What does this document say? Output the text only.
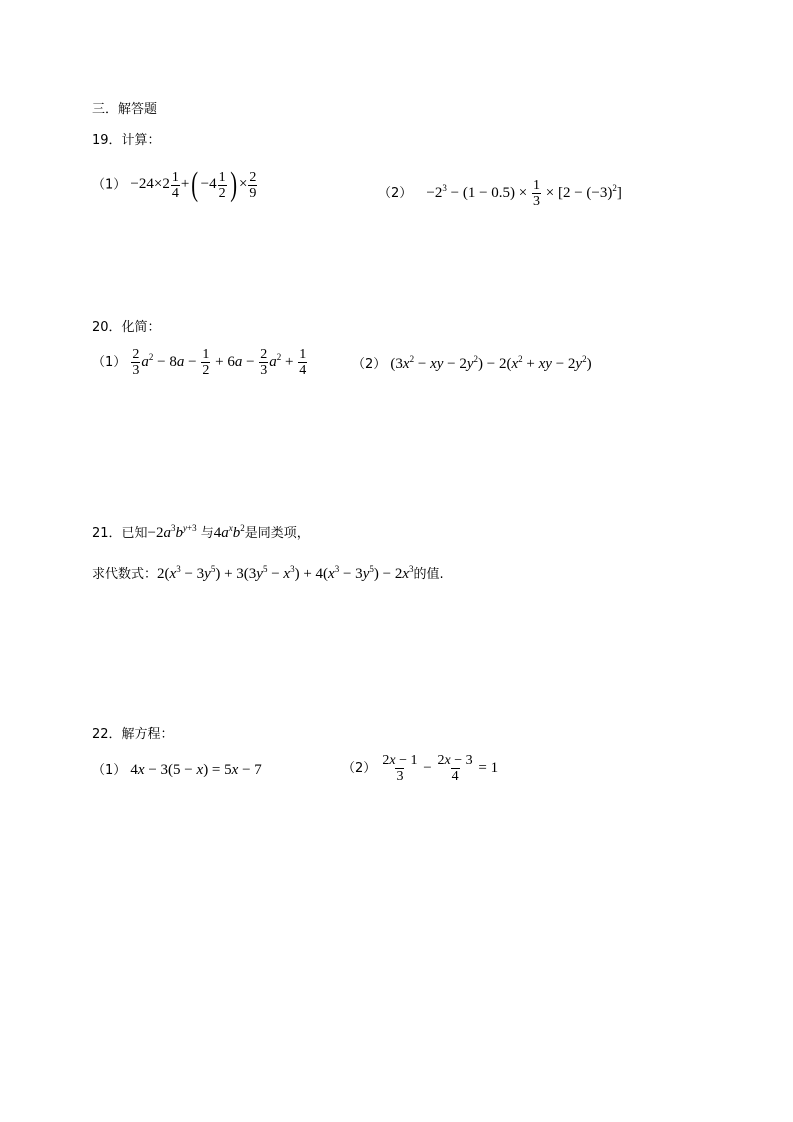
三．解答题
19．计算：
$(1) -24\times 2 \frac{1}{4}$ +( $-4 \frac{1}{2}$ ) × $\frac{2}{9}$	$(2) -2^3 - (1 - 0.5) \times \frac{1}{3} \times [2 - (-3)^2]$
20．化简：
$(1) \frac{2}{3} a^2 - 8a - \frac{1}{2} + 6a - \frac{2}{3} a^2 + \frac{1}{4}$	（2） ($3x^2$ − xy − $2y^2) - 2(x^2$ + xy − $2y^2$)
21．已知$-2a^3b^{y+3}$ 与$4a^xb^2$是同类项，
求代数式：$2(x^3 - 3y^5) + 3(3y^5 - x^3) + 4(x^3 - 3y^5) - 2x^3$的值.
22．解方程：
（1） 4x − 3(5 − x) = 5x − 7	$(2) \frac{2x - 1}{3} - \frac{2x - 3}{4} = 1$
